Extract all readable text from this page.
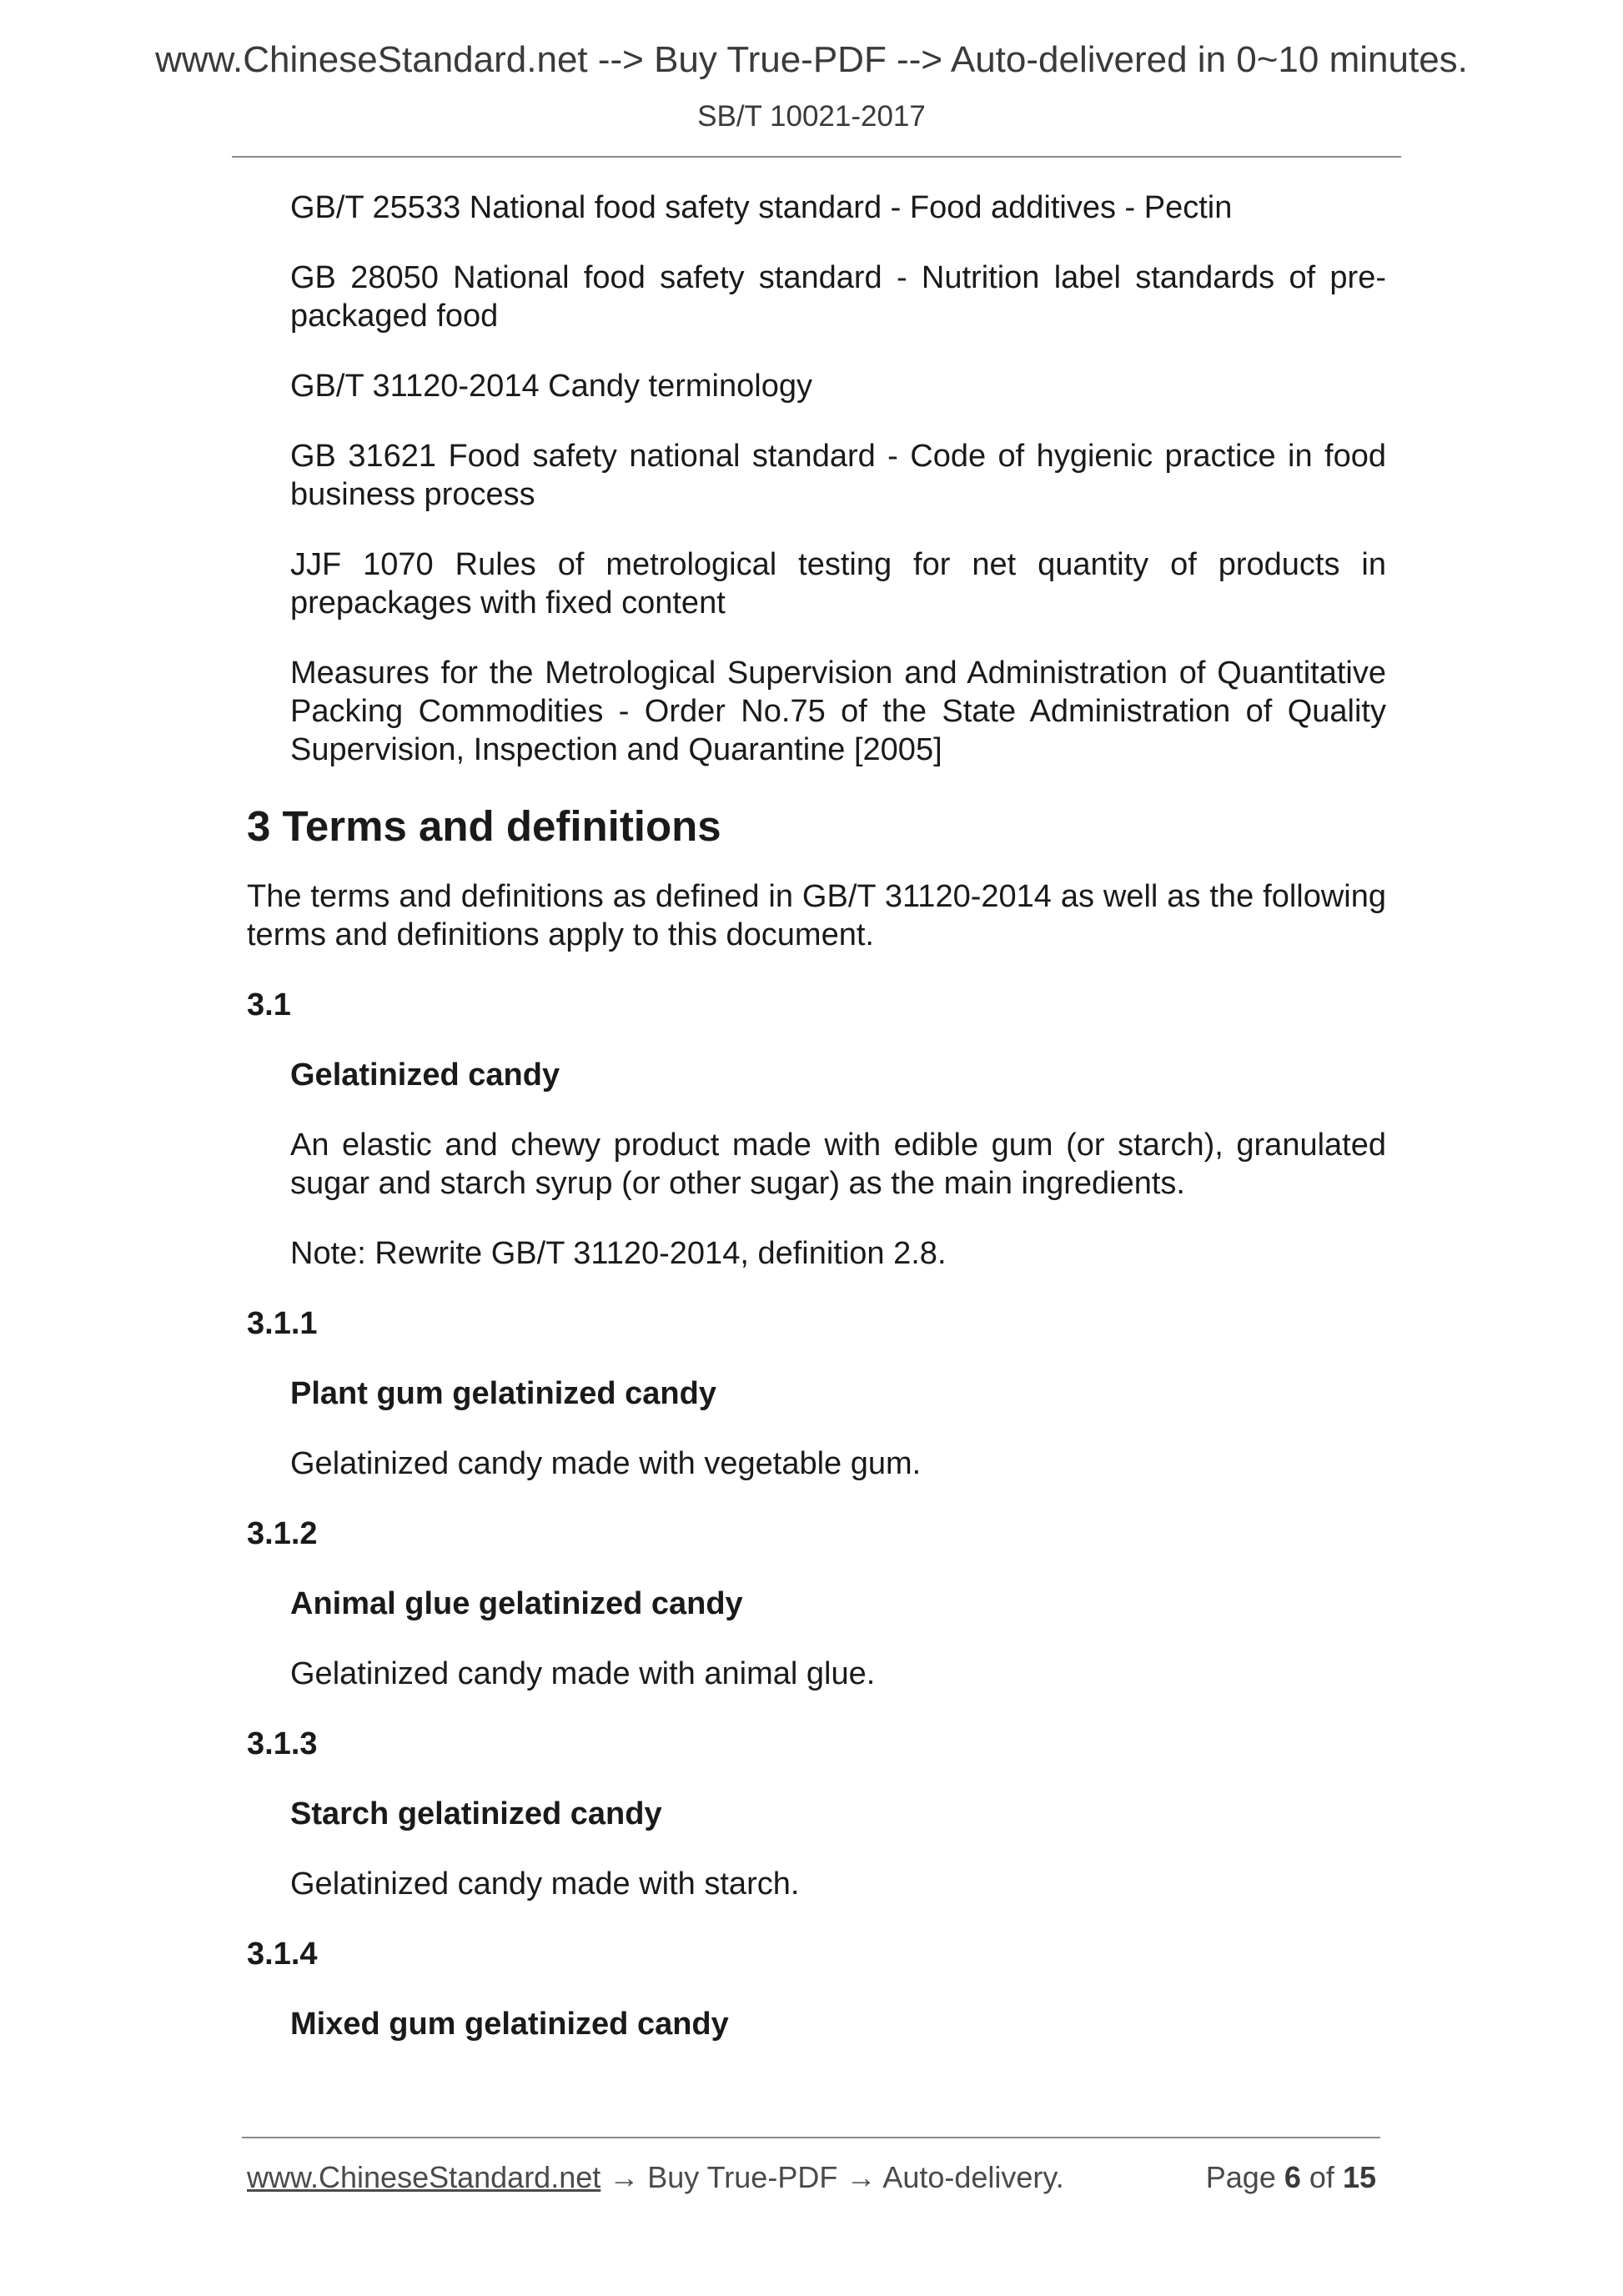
www.ChineseStandard.net --> Buy True-PDF --> Auto-delivered in 0~10 minutes.
SB/T 10021-2017

GB/T 25533 National food safety standard - Food additives - Pectin

GB 28050 National food safety standard - Nutrition label standards of pre-packaged food

GB/T 31120-2014 Candy terminology

GB 31621 Food safety national standard - Code of hygienic practice in food business process

JJF 1070 Rules of metrological testing for net quantity of products in prepackages with fixed content

Measures for the Metrological Supervision and Administration of Quantitative Packing Commodities - Order No.75 of the State Administration of Quality Supervision, Inspection and Quarantine [2005]

3 Terms and definitions

The terms and definitions as defined in GB/T 31120-2014 as well as the following terms and definitions apply to this document.

3.1

Gelatinized candy

An elastic and chewy product made with edible gum (or starch), granulated sugar and starch syrup (or other sugar) as the main ingredients.

Note: Rewrite GB/T 31120-2014, definition 2.8.

3.1.1

Plant gum gelatinized candy

Gelatinized candy made with vegetable gum.

3.1.2

Animal glue gelatinized candy

Gelatinized candy made with animal glue.

3.1.3

Starch gelatinized candy

Gelatinized candy made with starch.

3.1.4

Mixed gum gelatinized candy

www.ChineseStandard.net → Buy True-PDF → Auto-delivery.	Page 6 of 15
